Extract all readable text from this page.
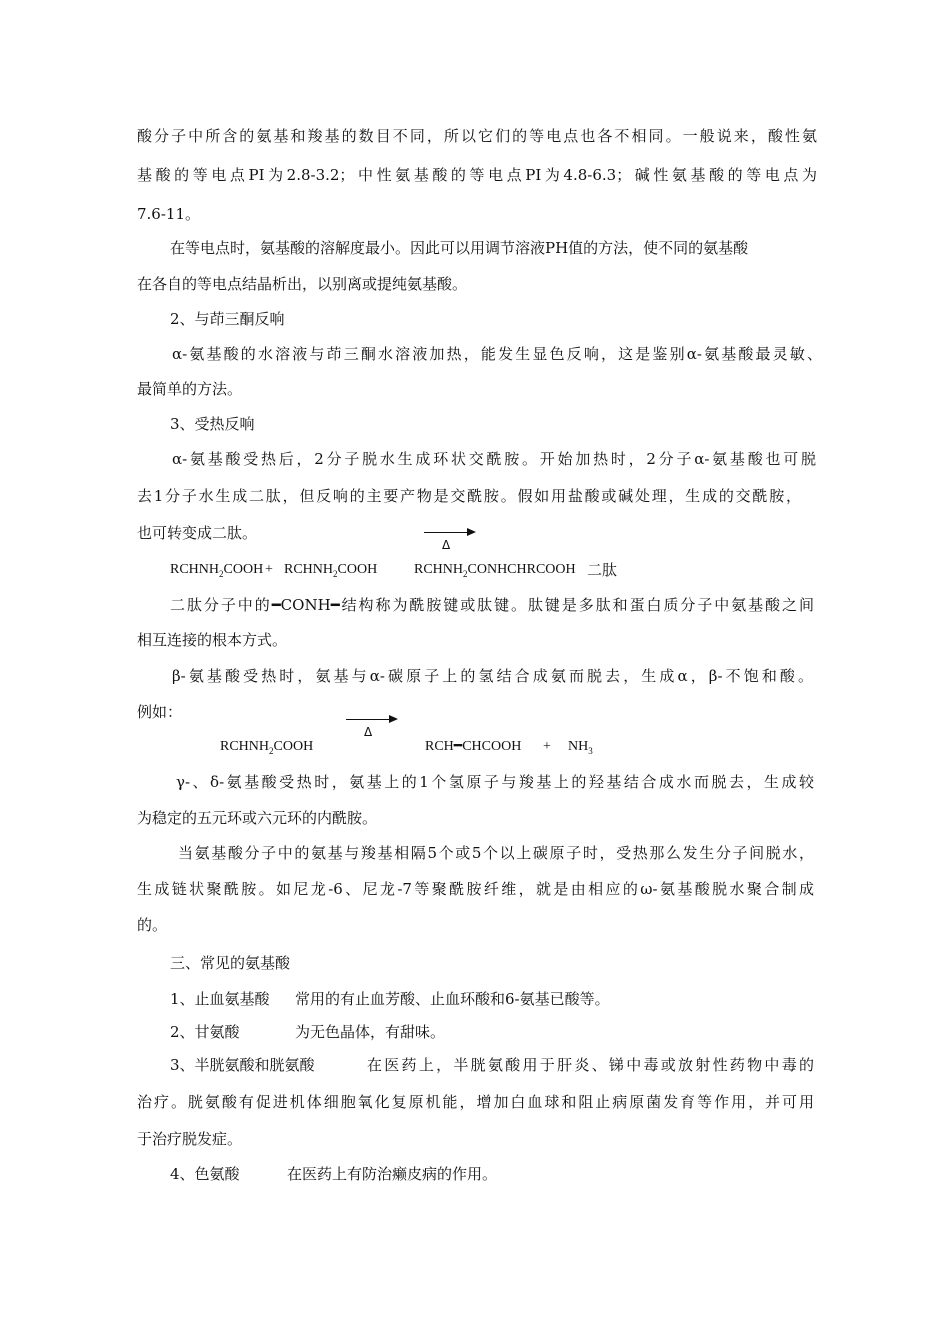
酸分子中所含的氨基和羧基的数目不同，所以它们的等电点也各不相同。一般说来，酸性氨
基酸的等电点PI为2.8-3.2；中性氨基酸的等电点PI为4.8-6.3；碱性氨基酸的等电点为
7.6-11。
在等电点时，氨基酸的溶解度最小。因此可以用调节溶液PH值的方法，使不同的氨基酸
在各自的等电点结晶析出，以别离或提纯氨基酸。
2、与茚三酮反响
α-氨基酸的水溶液与茚三酮水溶液加热，能发生显色反响，这是鉴别α-氨基酸最灵敏、
最简单的方法。
3、受热反响
α-氨基酸受热后，2分子脱水生成环状交酰胺。开始加热时，2分子α-氨基酸也可脱
去1分子水生成二肽，但反响的主要产物是交酰胺。假如用盐酸或碱处理，生成的交酰胺，
也可转变成二肽。
Δ
$RCHNH_2COOH$ + $RCHNH_2COOH$	$RCHNH_2CONHCHRCOOH$ 二肽
二肽分子中的━CONH━结构称为酰胺键或肽键。肽键是多肽和蛋白质分子中氨基酸之间
相互连接的根本方式。
β-氨基酸受热时，氨基与α-碳原子上的氢结合成氨而脱去，生成α，β-不饱和酸。
例如：
Δ
$RCHNH_2COOH$	RCH━CHCOOH + $NH_3$
γ-、δ-氨基酸受热时，氨基上的1个氢原子与羧基上的羟基结合成水而脱去，生成较
为稳定的五元环或六元环的内酰胺。
当氨基酸分子中的氨基与羧基相隔5个或5个以上碳原子时，受热那么发生分子间脱水，
生成链状聚酰胺。如尼龙-6、尼龙-7等聚酰胺纤维，就是由相应的ω-氨基酸脱水聚合制成
的。
三、常见的氨基酸
1、止血氨基酸	常用的有止血芳酸、止血环酸和6-氨基已酸等。
2、甘氨酸	为无色晶体，有甜味。
3、半胱氨酸和胱氨酸	在医药上，半胱氨酸用于肝炎、锑中毒或放射性药物中毒的
治疗。胱氨酸有促进机体细胞氧化复原机能，增加白血球和阻止病原菌发育等作用，并可用
于治疗脱发症。
4、色氨酸	在医药上有防治癞皮病的作用。
